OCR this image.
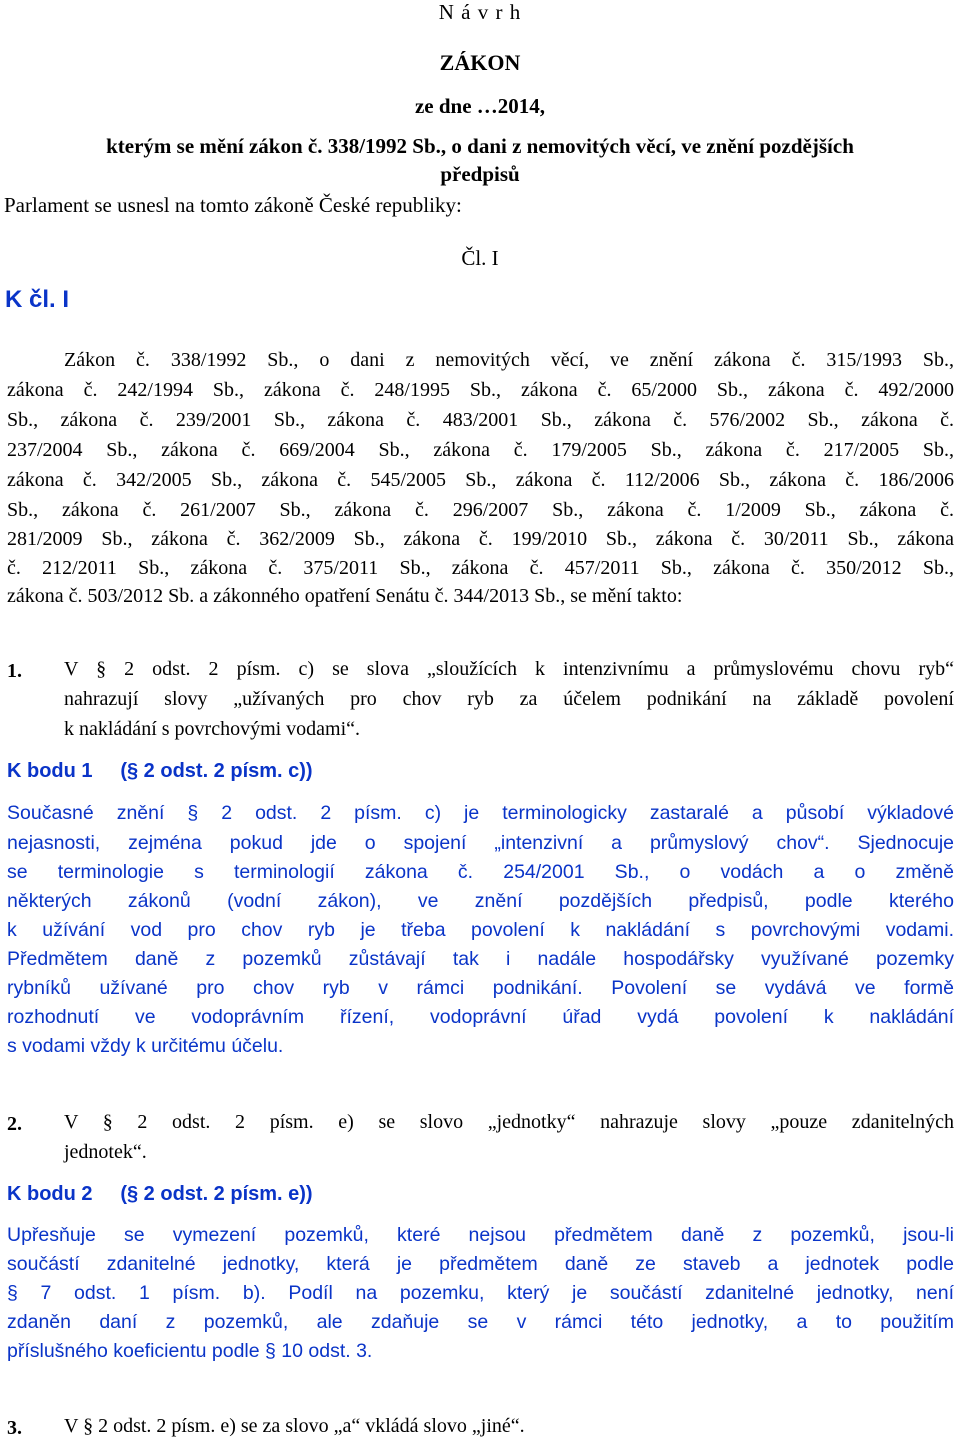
N á v r h
ZÁKON
ze dne …2014,
kterým se mění zákon č. 338/1992 Sb., o dani z nemovitých věcí, ve znění pozdějších
předpisů
Parlament se usnesl na tomto zákoně České republiky:
Čl. I
K čl. I
Zákon č. 338/1992 Sb., o dani z nemovitých věcí, ve znění zákona č. 315/1993 Sb.,
zákona č. 242/1994 Sb., zákona č. 248/1995 Sb., zákona č. 65/2000 Sb., zákona č. 492/2000
Sb., zákona č. 239/2001 Sb., zákona č. 483/2001 Sb., zákona č. 576/2002 Sb., zákona č.
237/2004 Sb., zákona č. 669/2004 Sb., zákona č. 179/2005 Sb., zákona č. 217/2005 Sb.,
zákona č. 342/2005 Sb., zákona č. 545/2005 Sb., zákona č. 112/2006 Sb., zákona č. 186/2006
Sb., zákona č. 261/2007 Sb., zákona č. 296/2007 Sb., zákona č. 1/2009 Sb., zákona č.
281/2009 Sb., zákona č. 362/2009 Sb., zákona č. 199/2010 Sb., zákona č. 30/2011 Sb., zákona
č. 212/2011 Sb., zákona č. 375/2011 Sb., zákona č. 457/2011 Sb., zákona č. 350/2012 Sb.,
zákona č. 503/2012 Sb. a zákonného opatření Senátu č. 344/2013 Sb., se mění takto:
1. V § 2 odst. 2 písm. c) se slova „sloužících k intenzivnímu a průmyslovému chovu ryb“
nahrazují slovy „užívaných pro chov ryb za účelem podnikání na základě povolení
k nakládání s povrchovými vodami“.
K bodu 1     (§ 2 odst. 2 písm. c))
Současné znění § 2 odst. 2 písm. c) je terminologicky zastaralé a působí výkladové
nejasnosti, zejména pokud jde o spojení „intenzivní a průmyslový chov“. Sjednocuje
se terminologie s terminologií zákona č. 254/2001 Sb., o vodách a o změně
některých zákonů (vodní zákon), ve znění pozdějších předpisů, podle kterého
k užívání vod pro chov ryb je třeba povolení k nakládání s povrchovými vodami.
Předmětem daně z pozemků zůstávají tak i nadále hospodářsky využívané pozemky
rybníků užívané pro chov ryb v rámci podnikání. Povolení se vydává ve formě
rozhodnutí ve vodoprávním řízení, vodoprávní úřad vydá povolení k nakládání
s vodami vždy k určitému účelu.
2. V § 2 odst. 2 písm. e) se slovo „jednotky“ nahrazuje slovy „pouze zdanitelných
jednotek“.
K bodu 2     (§ 2 odst. 2 písm. e))
Upřesňuje se vymezení pozemků, které nejsou předmětem daně z pozemků, jsou-li
součástí zdanitelné jednotky, která je předmětem daně ze staveb a jednotek podle
§ 7 odst. 1 písm. b). Podíl na pozemku, který je součástí zdanitelné jednotky, není
zdaněn daní z pozemků, ale zdaňuje se v rámci této jednotky, a to použitím
příslušného koeficientu podle § 10 odst. 3.
3. V § 2 odst. 2 písm. e) se za slovo „a“ vkládá slovo „jiné“.
